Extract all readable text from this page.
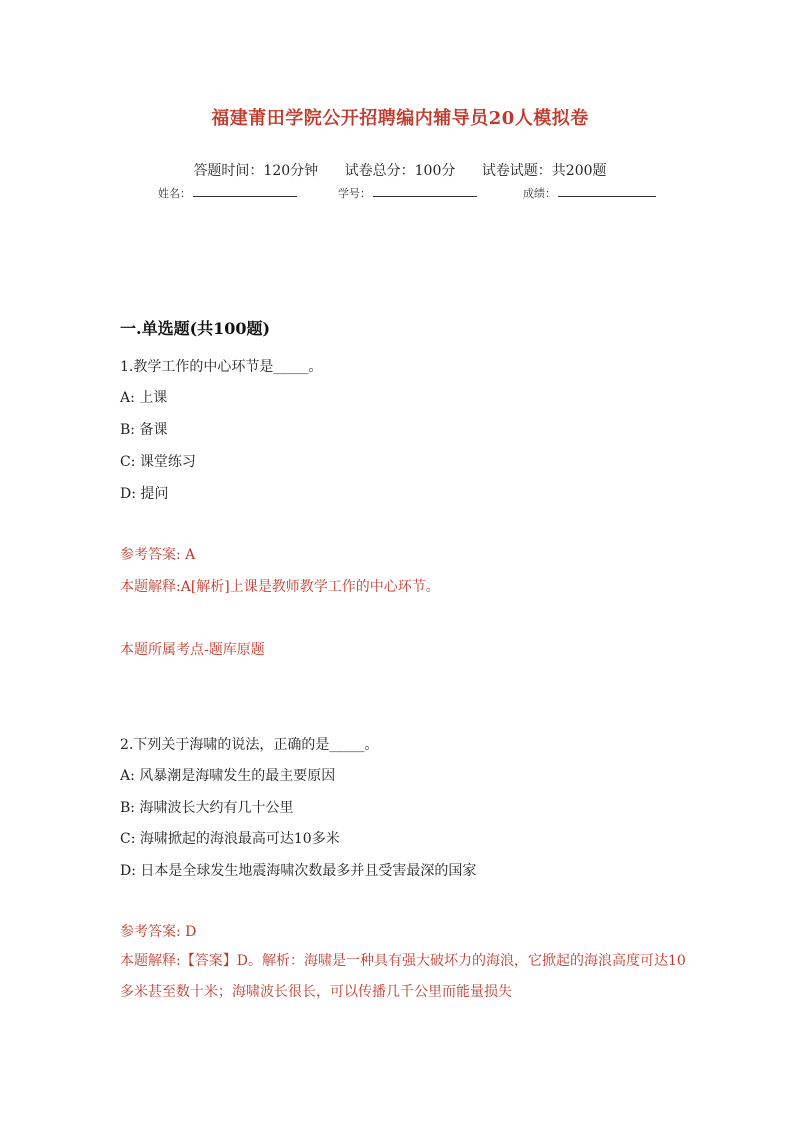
福建莆田学院公开招聘编内辅导员20人模拟卷
答题时间：120分钟 试卷总分：100分 试卷试题：共200题
姓名：	学号：	成绩：
一.单选题(共100题)
1.教学工作的中心环节是_____。
A: 上课
B: 备课
C: 课堂练习
D: 提问
参考答案: A
本题解释:A[解析]上课是教师教学工作的中心环节。
本题所属考点-题库原题
2.下列关于海啸的说法，正确的是_____。
A: 风暴潮是海啸发生的最主要原因
B: 海啸波长大约有几十公里
C: 海啸掀起的海浪最高可达10多米
D: 日本是全球发生地震海啸次数最多并且受害最深的国家
参考答案: D
本题解释:【答案】D。解析：海啸是一种具有强大破坏力的海浪，它掀起的海浪高度可达10多米甚至数十米；海啸波长很长，可以传播几千公里而能量损失
